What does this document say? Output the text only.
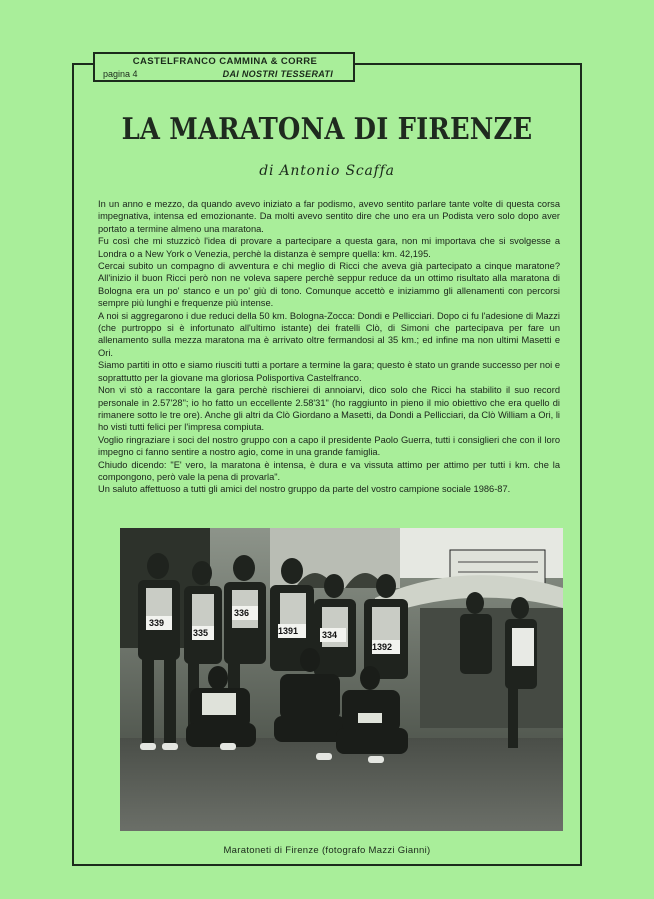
CASTELFRANCO CAMMINA & CORRE
pagina 4	DAI NOSTRI TESSERATI
LA MARATONA DI FIRENZE
di Antonio Scaffa

In un anno e mezzo, da quando avevo iniziato a far podismo, avevo sentito parlare tante volte di questa corsa impegnativa, intensa ed emozionante. Da molti avevo sentito dire che uno era un Podista vero solo dopo aver portato a termine almeno una maratona.

Fu così che mi stuzzicò l'idea di provare a partecipare a questa gara, non mi importava che si svolgesse a Londra o a New York o Venezia, perchè la distanza è sempre quella: km. 42,195.

Cercai subito un compagno di avventura e chi meglio di Ricci che aveva già partecipato a cinque maratone? All'inizio il buon Ricci però non ne voleva sapere perchè seppur reduce da un ottimo risultato alla maratona di Bologna era un po' stanco e un po' giù di tono. Comunque accettò e iniziammo gli allenamenti con percorsi sempre più lunghi e frequenze più intense.

A noi si aggregarono i due reduci della 50 km. Bologna-Zocca: Dondi e Pellicciari. Dopo ci fu l'adesione di Mazzi (che purtroppo si è infortunato all'ultimo istante) dei fratelli Clò, di Simoni che partecipava per fare un allenamento sulla mezza maratona ma è arrivato oltre fermandosi al 35 km.; ed infine ma non ultimi Masetti e Ori.

Siamo partiti in otto e siamo riusciti tutti a portare a termine la gara; questo è stato un grande successo per noi e soprattutto per la giovane ma gloriosa Polisportiva Castelfranco.

Non vi stò a raccontare la gara perchè rischierei di annoiarvi, dico solo che Ricci ha stabilito il suo record personale in 2.57'28"; io ho fatto un eccellente 2.58'31" (ho raggiunto in pieno il mio obiettivo che era quello di rimanere sotto le tre ore). Anche gli altri da Clò Giordano a Masetti, da Dondi a Pellicciari, da Clò William a Ori, li ho visti tutti felici per l'impresa compiuta.

Voglio ringraziare i soci del nostro gruppo con a capo il presidente Paolo Guerra, tutti i consiglieri che con il loro impegno ci fanno sentire a nostro agio, come in una grande famiglia.

Chiudo dicendo: "E' vero, la maratona è intensa, è dura e va vissuta attimo per attimo per tutti i km. che la compongono, però vale la pena di provarla".

Un saluto affettuoso a tutti gli amici del nostro gruppo da parte del vostro campione sociale 1986-87.

339
335
336
1391	334
1392
Maratoneti di Firenze (fotografo Mazzi Gianni)
